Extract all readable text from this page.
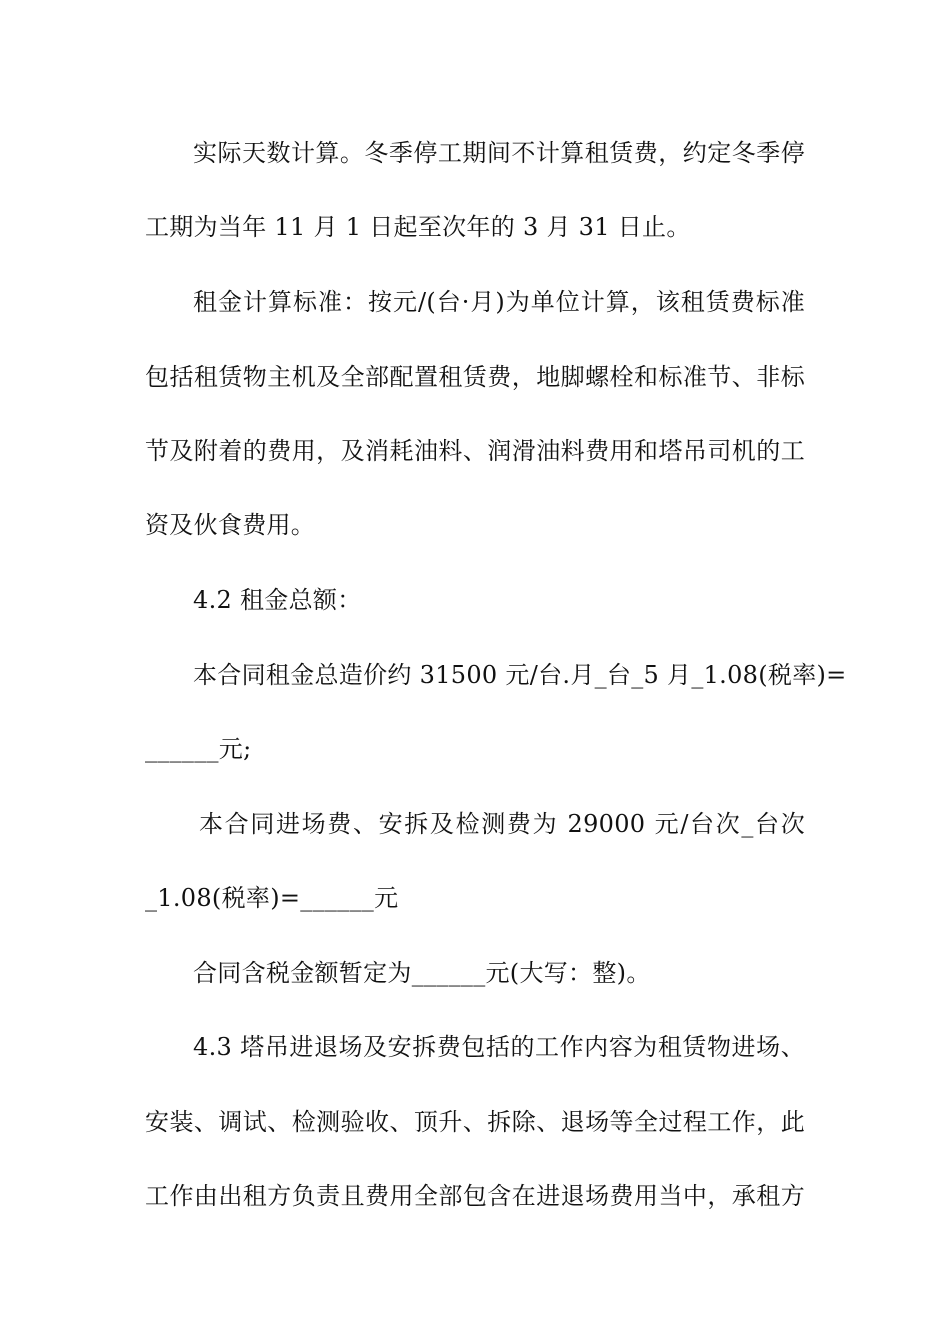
实际天数计算。冬季停工期间不计算租赁费，约定冬季停
工期为当年 11 月 1 日起至次年的 3 月 31 日止。
租金计算标准：按元/(台·月)为单位计算，该租赁费标准
包括租赁物主机及全部配置租赁费，地脚螺栓和标准节、非标
节及附着的费用，及消耗油料、润滑油料费用和塔吊司机的工
资及伙食费用。
4.2 租金总额：
本合同租金总造价约 31500 元/台.月_台_5 月_1.08(税率)=
______元;
本合同进场费、安拆及检测费为 29000 元/台次_台次
_1.08(税率)=______元
合同含税金额暂定为______元(大写：整)。
4.3 塔吊进退场及安拆费包括的工作内容为租赁物进场、
安装、调试、检测验收、顶升、拆除、退场等全过程工作，此
工作由出租方负责且费用全部包含在进退场费用当中，承租方
